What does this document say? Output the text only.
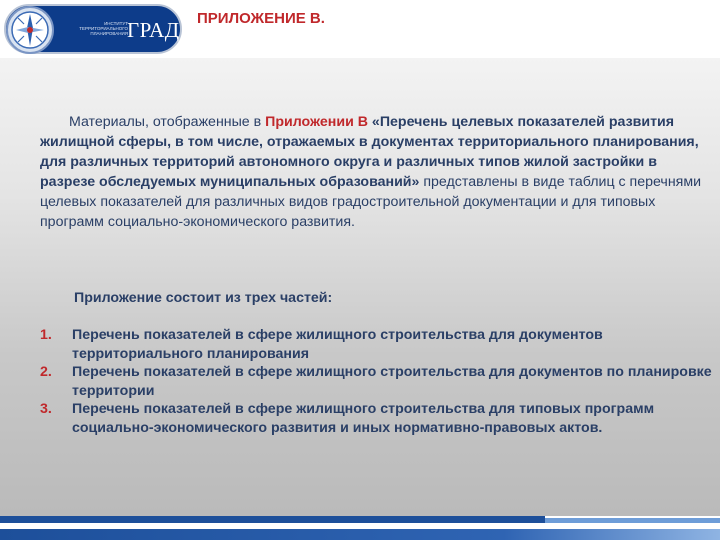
ИНСТИТУТ
ТЕРРИТОРИАЛЬНОГО
ПЛАНИРОВАНИЯ ГРАД ПРИЛОЖЕНИЕ В.

Материалы, отображенные в Приложении В «Перечень целевых показателей развития жилищной сферы, в том числе, отражаемых в документах территориального планирования, для различных территорий автономного округа и различных типов жилой застройки в разрезе обследуемых муниципальных образований» представлены в виде таблиц с перечнями целевых показателей для различных видов градостроительной документации и для типовых программ социально-экономического развития.

Приложение состоит из трех частей:

1. Перечень показателей в сфере жилищного строительства для документов территориального планирования
2. Перечень показателей в сфере жилищного строительства для документов по планировке территории
3. Перечень показателей в сфере жилищного строительства для типовых программ социально-экономического развития и иных нормативно-правовых актов.
